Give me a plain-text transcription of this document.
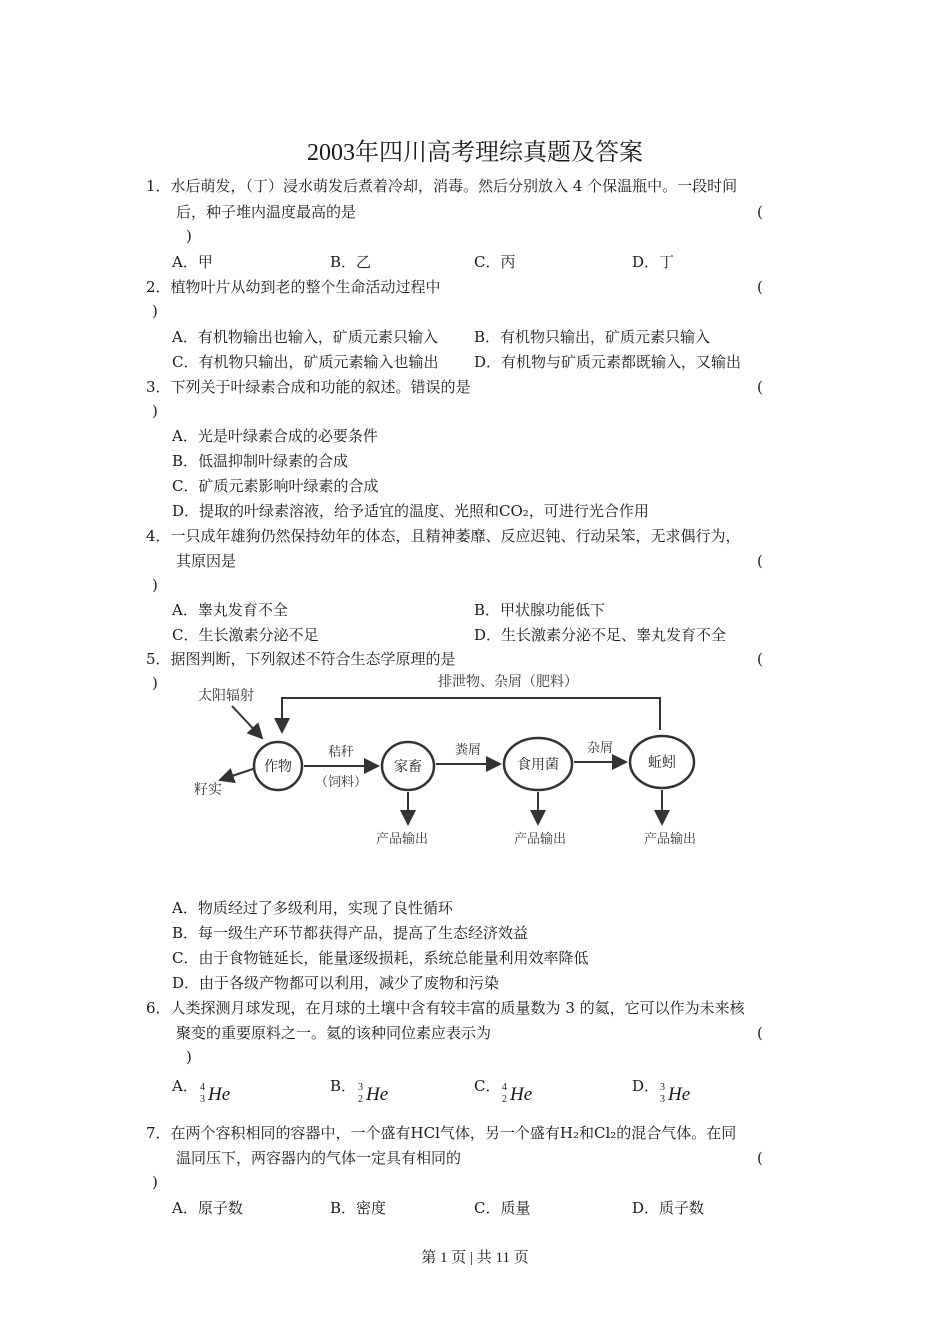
2003年四川高考理综真题及答案
1．水后萌发，（丁）浸水萌发后煮着冷却，消毒。然后分别放入 4 个保温瓶中。一段时间
后，种子堆内温度最高的是	(
)
A．甲	B．乙	C．丙	D．丁
2．植物叶片从幼到老的整个生命活动过程中	(
)
A．有机物输出也输入，矿质元素只输入 B．有机物只输出，矿质元素只输入
C．有机物只输出，矿质元素输入也输出 D．有机物与矿质元素都既输入，又输出
3．下列关于叶绿素合成和功能的叙述。错误的是	(
)
A．光是叶绿素合成的必要条件
B．低温抑制叶绿素的合成
C．矿质元素影响叶绿素的合成
D．提取的叶绿素溶液，给予适宜的温度、光照和CO₂，可进行光合作用
4．一只成年雄狗仍然保持幼年的体态，且精神萎靡、反应迟钝、行动呆笨，无求偶行为，
其原因是	(
)
A．睾丸发育不全	B．甲状腺功能低下
C．生长激素分泌不足	D．生长激素分泌不足、睾丸发育不全
5．据图判断，下列叙述不符合生态学原理的是	(
)	排泄物、杂屑（肥料）
太阳辐射
籽实
作物	家畜	食用菌	蚯蚓
秸秆
（饲料）
粪屑	杂屑
产品输出	产品输出	产品输出
A．物质经过了多级利用，实现了良性循环
B．每一级生产环节都获得产品，提高了生态经济效益
C．由于食物链延长，能量逐级损耗，系统总能量利用效率降低
D．由于各级产物都可以利用，减少了废物和污染
6．人类探测月球发现，在月球的土壤中含有较丰富的质量数为 3 的氦，它可以作为未来核
聚变的重要原料之一。氦的该种同位素应表示为	(
)
A． 4
3 He	B． 3
2 He	C． 4
2 He	D． 3
3 He
7．在两个容积相同的容器中，一个盛有HCl气体，另一个盛有H₂和Cl₂的混合气体。在同
温同压下，两容器内的气体一定具有相同的	(
)
A．原子数	B．密度	C．质量	D．质子数
第 1 页 | 共 11 页
